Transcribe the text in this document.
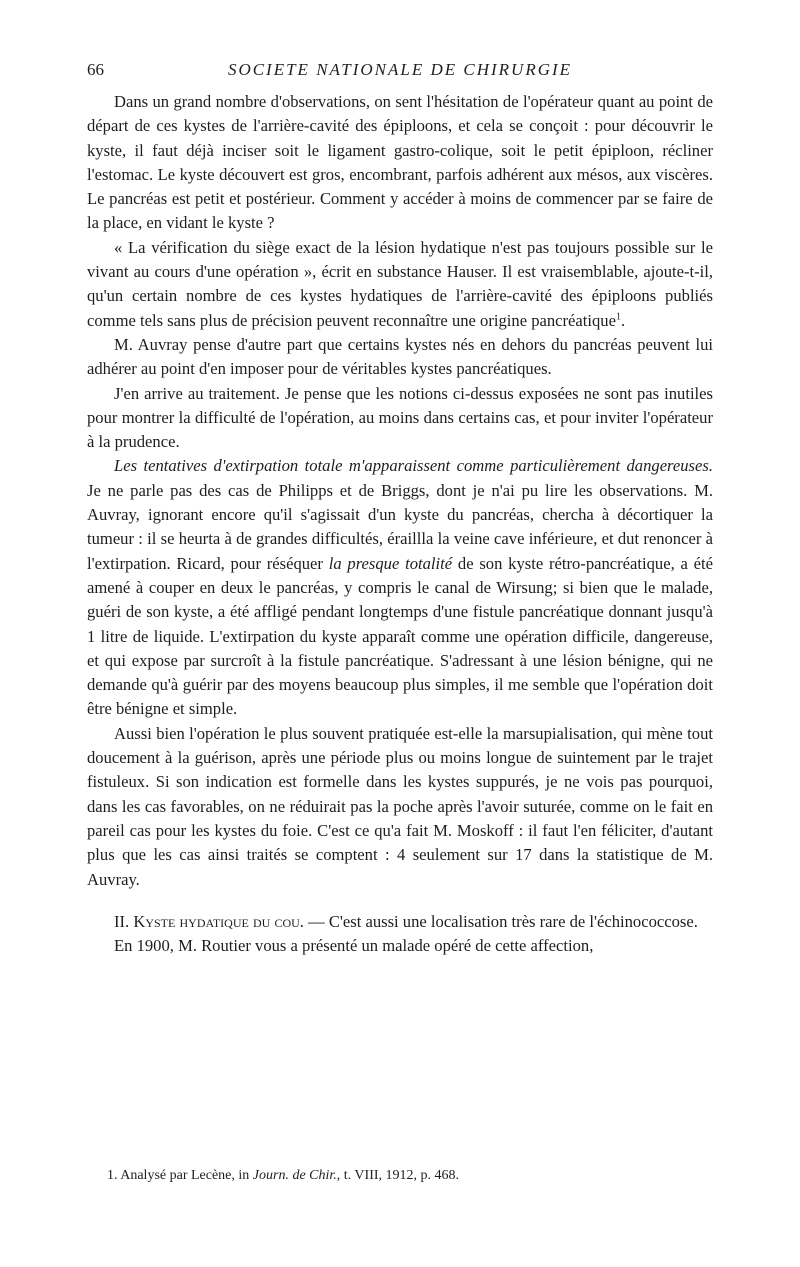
66	SOCIETE NATIONALE DE CHIRURGIE

Dans un grand nombre d'observations, on sent l'hésitation de l'opérateur quant au point de départ de ces kystes de l'arrière-cavité des épiploons, et cela se conçoit : pour découvrir le kyste, il faut déjà inciser soit le ligament gastro-colique, soit le petit épiploon, récliner l'estomac. Le kyste découvert est gros, encombrant, parfois adhérent aux mésos, aux viscères. Le pancréas est petit et postérieur. Comment y accéder à moins de commencer par se faire de la place, en vidant le kyste ?

« La vérification du siège exact de la lésion hydatique n'est pas toujours possible sur le vivant au cours d'une opération », écrit en substance Hauser. Il est vraisemblable, ajoute-t-il, qu'un certain nombre de ces kystes hydatiques de l'arrière-cavité des épiploons publiés comme tels sans plus de précision peuvent reconnaître une origine pancréatique$^1$.

M. Auvray pense d'autre part que certains kystes nés en dehors du pancréas peuvent lui adhérer au point d'en imposer pour de véritables kystes pancréatiques.

J'en arrive au traitement. Je pense que les notions ci-dessus exposées ne sont pas inutiles pour montrer la difficulté de l'opération, au moins dans certains cas, et pour inviter l'opérateur à la prudence.

Les tentatives d'extirpation totale m'apparaissent comme particulièrement dangereuses. Je ne parle pas des cas de Philipps et de Briggs, dont je n'ai pu lire les observations. M. Auvray, ignorant encore qu'il s'agissait d'un kyste du pancréas, chercha à décortiquer la tumeur : il se heurta à de grandes difficultés, éraillla la veine cave inférieure, et dut renoncer à l'extirpation. Ricard, pour réséquer la presque totalité de son kyste rétro-pancréatique, a été amené à couper en deux le pancréas, y compris le canal de Wirsung; si bien que le malade, guéri de son kyste, a été affligé pendant longtemps d'une fistule pancréatique donnant jusqu'à 1 litre de liquide. L'extirpation du kyste apparaît comme une opération difficile, dangereuse, et qui expose par surcroît à la fistule pancréatique. S'adressant à une lésion bénigne, qui ne demande qu'à guérir par des moyens beaucoup plus simples, il me semble que l'opération doit être bénigne et simple.

Aussi bien l'opération le plus souvent pratiquée est-elle la marsupialisation, qui mène tout doucement à la guérison, après une période plus ou moins longue de suintement par le trajet fistuleux. Si son indication est formelle dans les kystes suppurés, je ne vois pas pourquoi, dans les cas favorables, on ne réduirait pas la poche après l'avoir suturée, comme on le fait en pareil cas pour les kystes du foie. C'est ce qu'a fait M. Moskoff : il faut l'en féliciter, d'autant plus que les cas ainsi traités se comptent : 4 seulement sur 17 dans la statistique de M. Auvray.

II. Kyste hydatique du cou. — C'est aussi une localisation très rare de l'échinococcose.

En 1900, M. Routier vous a présenté un malade opéré de cette affection,

1. Analysé par Lecène, in Journ. de Chir., t. VIII, 1912, p. 468.
